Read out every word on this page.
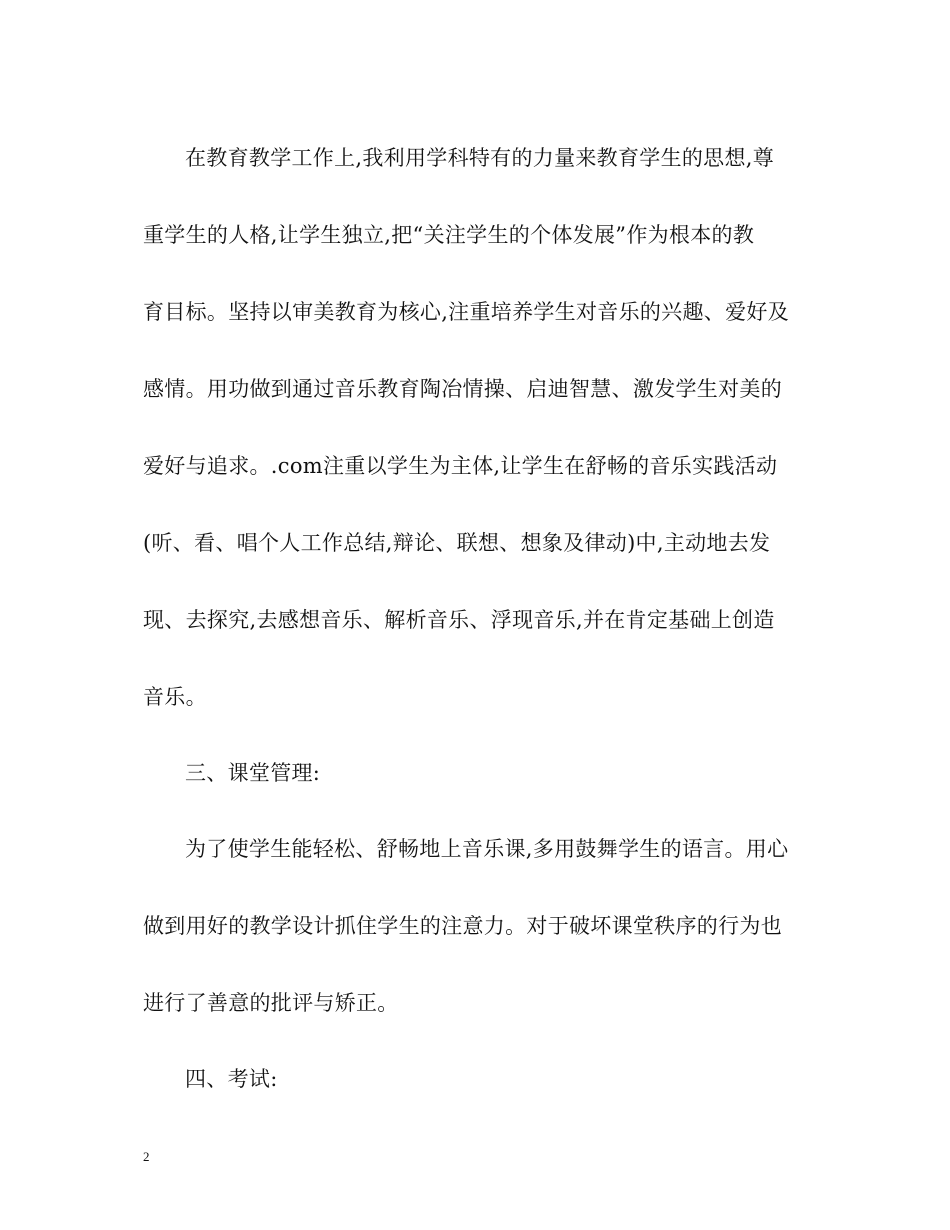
在教育教学工作上,我利用学科特有的力量来教育学生的思想,尊
重学生的人格,让学生独立,把“关注学生的个体发展”作为根本的教
育目标。坚持以审美教育为核心,注重培养学生对音乐的兴趣、爱好及
感情。用功做到通过音乐教育陶冶情操、启迪智慧、激发学生对美的
爱好与追求。.com注重以学生为主体,让学生在舒畅的音乐实践活动
(听、看、唱个人工作总结,辩论、联想、想象及律动)中,主动地去发
现、去探究,去感想音乐、解析音乐、浮现音乐,并在肯定基础上创造
音乐。
三、课堂管理:
为了使学生能轻松、舒畅地上音乐课,多用鼓舞学生的语言。用心
做到用好的教学设计抓住学生的注意力。对于破坏课堂秩序的行为也
进行了善意的批评与矫正。
四、考试:
2
